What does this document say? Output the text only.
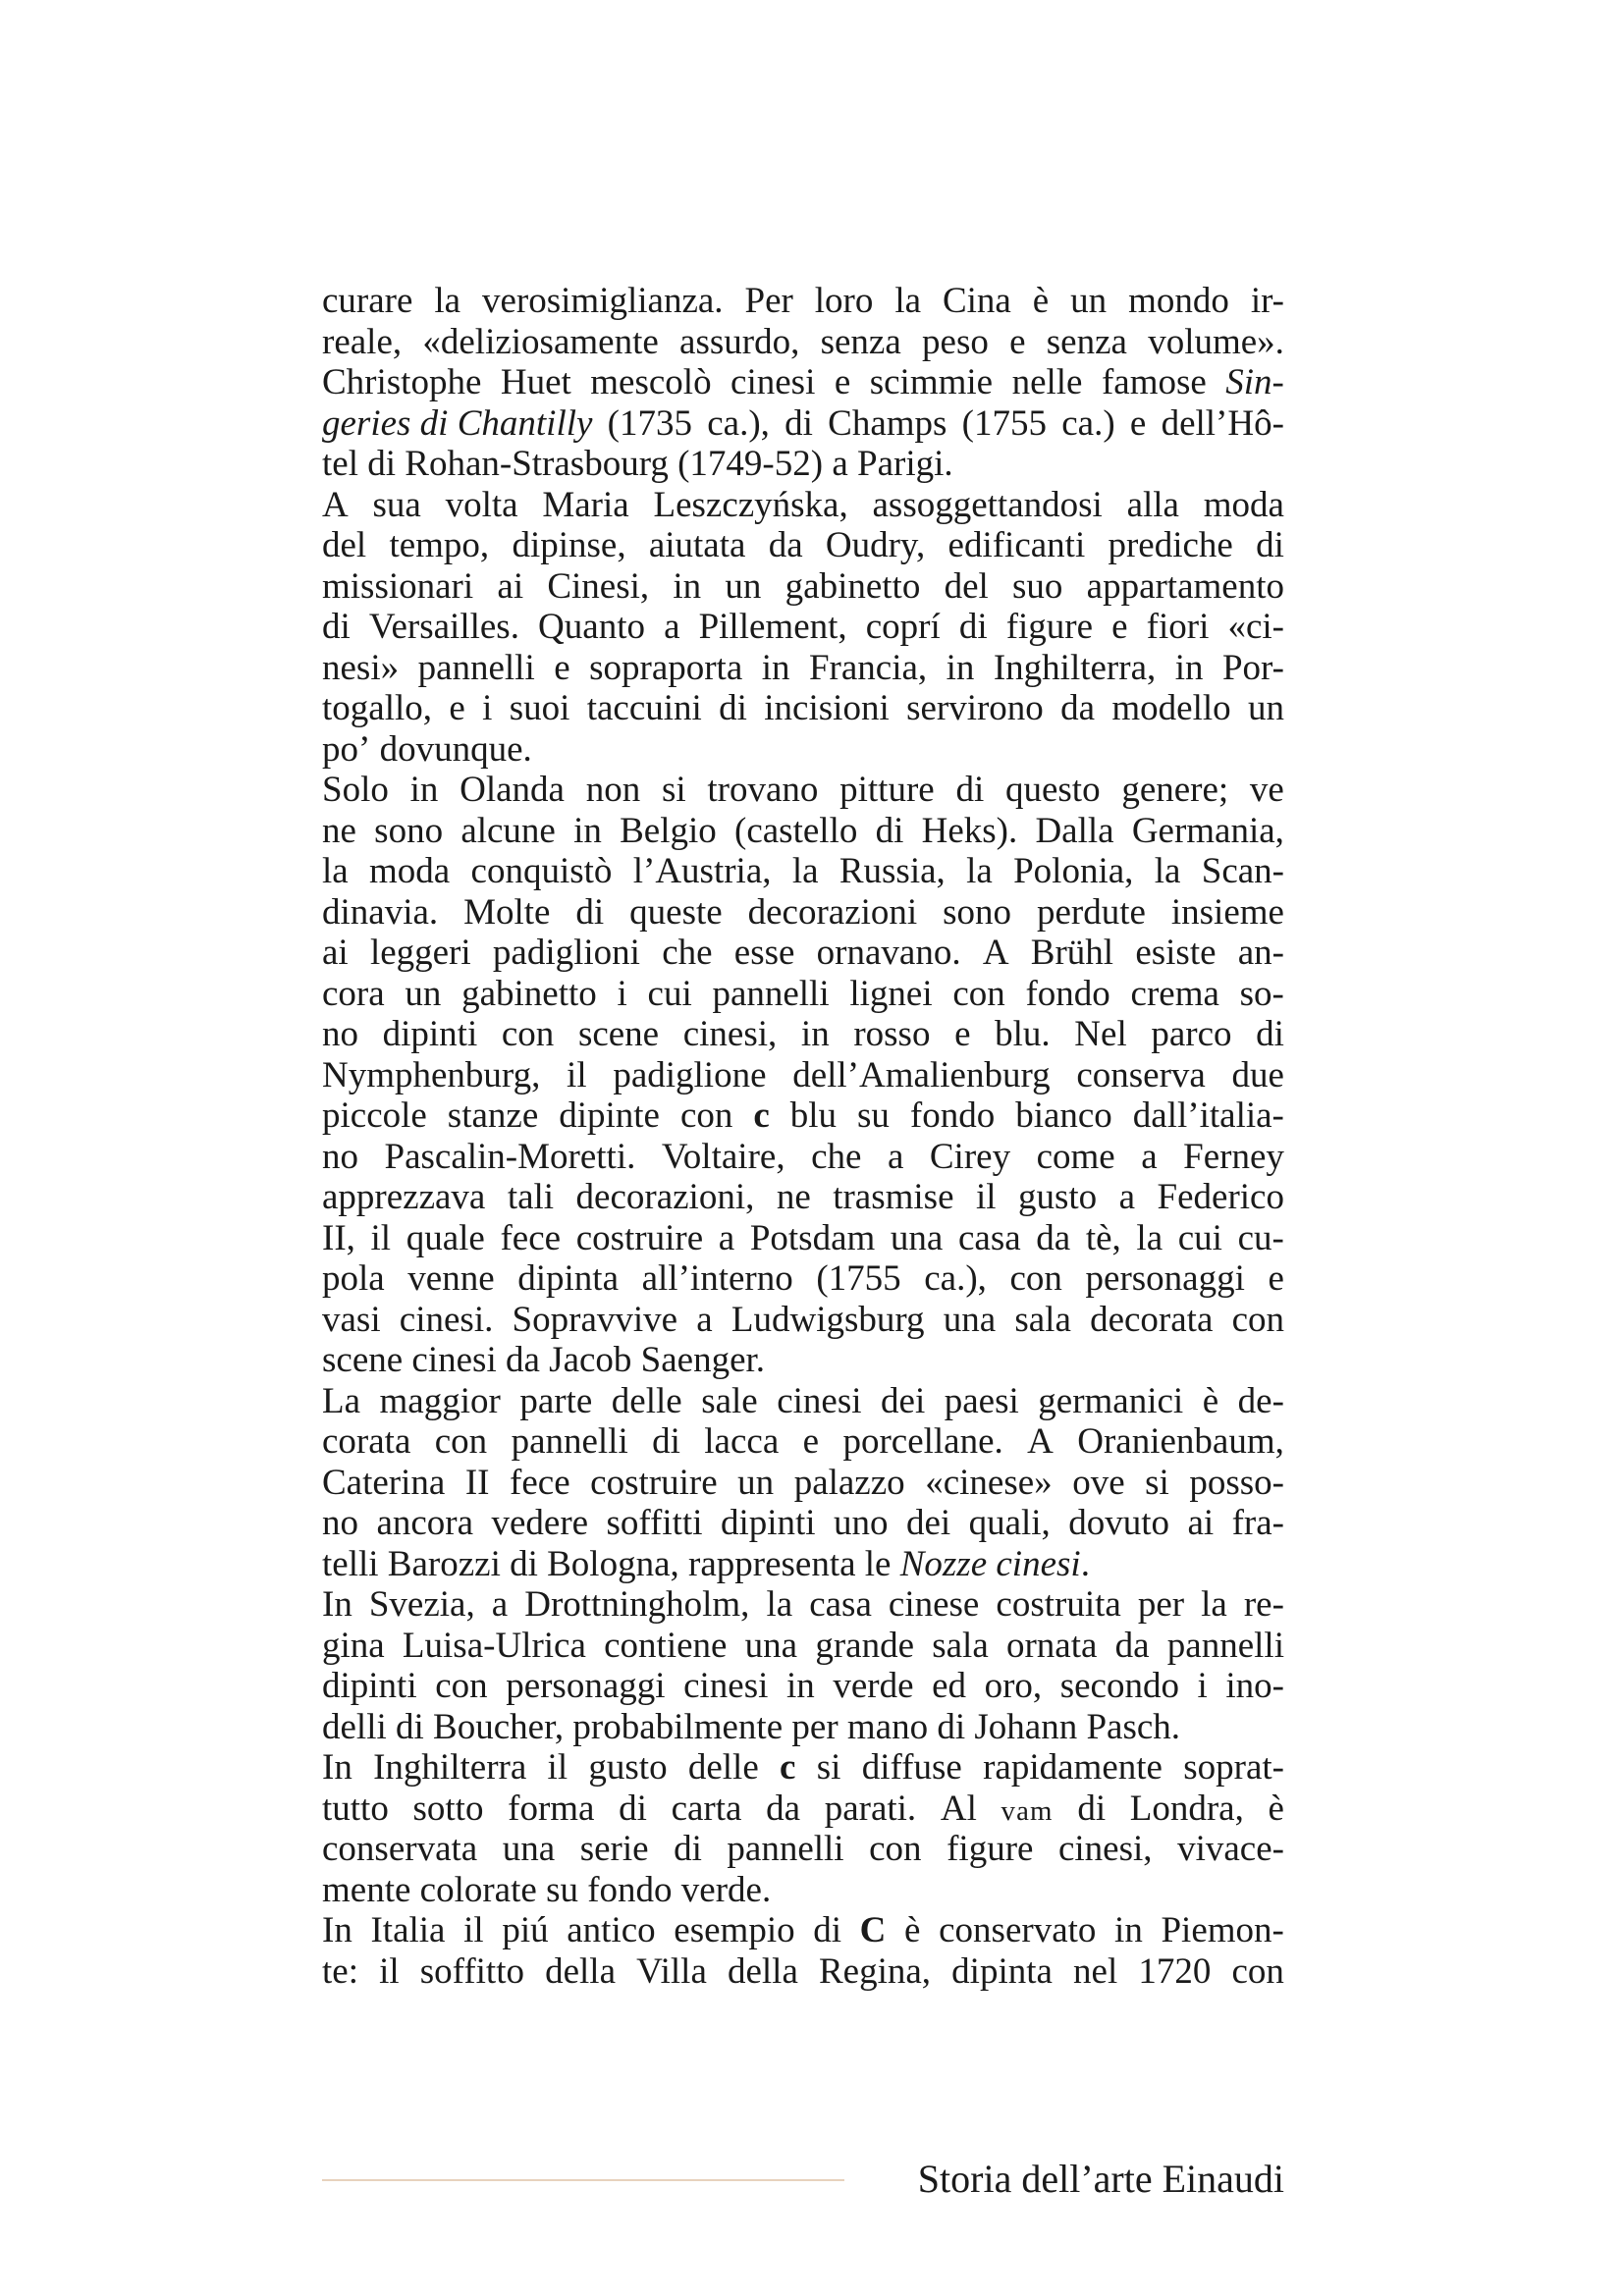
curare la verosimiglianza. Per loro la Cina è un mondo ir-
reale, «deliziosamente assurdo, senza peso e senza volume».
Christophe Huet mescolò cinesi e scimmie nelle famose Sin-
geries di Chantilly (1735 ca.), di Champs (1755 ca.) e dell’Hô-
tel di Rohan-Strasbourg (1749-52) a Parigi.
A sua volta Maria Leszczyńska, assoggettandosi alla moda
del tempo, dipinse, aiutata da Oudry, edificanti prediche di
missionari ai Cinesi, in un gabinetto del suo appartamento
di Versailles. Quanto a Pillement, coprí di figure e fiori «ci-
nesi» pannelli e sopraporta in Francia, in Inghilterra, in Por-
togallo, e i suoi taccuini di incisioni servirono da modello un
po’ dovunque.
Solo in Olanda non si trovano pitture di questo genere; ve
ne sono alcune in Belgio (castello di Heks). Dalla Germania,
la moda conquistò l’Austria, la Russia, la Polonia, la Scan-
dinavia. Molte di queste decorazioni sono perdute insieme
ai leggeri padiglioni che esse ornavano. A Brühl esiste an-
cora un gabinetto i cui pannelli lignei con fondo crema so-
no dipinti con scene cinesi, in rosso e blu. Nel parco di
Nymphenburg, il padiglione dell’Amalienburg conserva due
piccole stanze dipinte con c blu su fondo bianco dall’italia-
no Pascalin-Moretti. Voltaire, che a Cirey come a Ferney
apprezzava tali decorazioni, ne trasmise il gusto a Federico
II, il quale fece costruire a Potsdam una casa da tè, la cui cu-
pola venne dipinta all’interno (1755 ca.), con personaggi e
vasi cinesi. Sopravvive a Ludwigsburg una sala decorata con
scene cinesi da Jacob Saenger.
La maggior parte delle sale cinesi dei paesi germanici è de-
corata con pannelli di lacca e porcellane. A Oranienbaum,
Caterina II fece costruire un palazzo «cinese» ove si posso-
no ancora vedere soffitti dipinti uno dei quali, dovuto ai fra-
telli Barozzi di Bologna, rappresenta le Nozze cinesi .
In Svezia, a Drottningholm, la casa cinese costruita per la re-
gina Luisa-Ulrica contiene una grande sala ornata da pannelli
dipinti con personaggi cinesi in verde ed oro, secondo i ino-
delli di Boucher, probabilmente per mano di Johann Pasch.
In Inghilterra il gusto delle c si diffuse rapidamente soprat-
tutto sotto forma di carta da parati. Al vam di Londra, è
conservata una serie di pannelli con figure cinesi, vivace-
mente colorate su fondo verde.
In Italia il piú antico esempio di C è conservato in Piemon-
te: il soffitto della Villa della Regina, dipinta nel 1720 con
Storia dell’arte Einaudi
